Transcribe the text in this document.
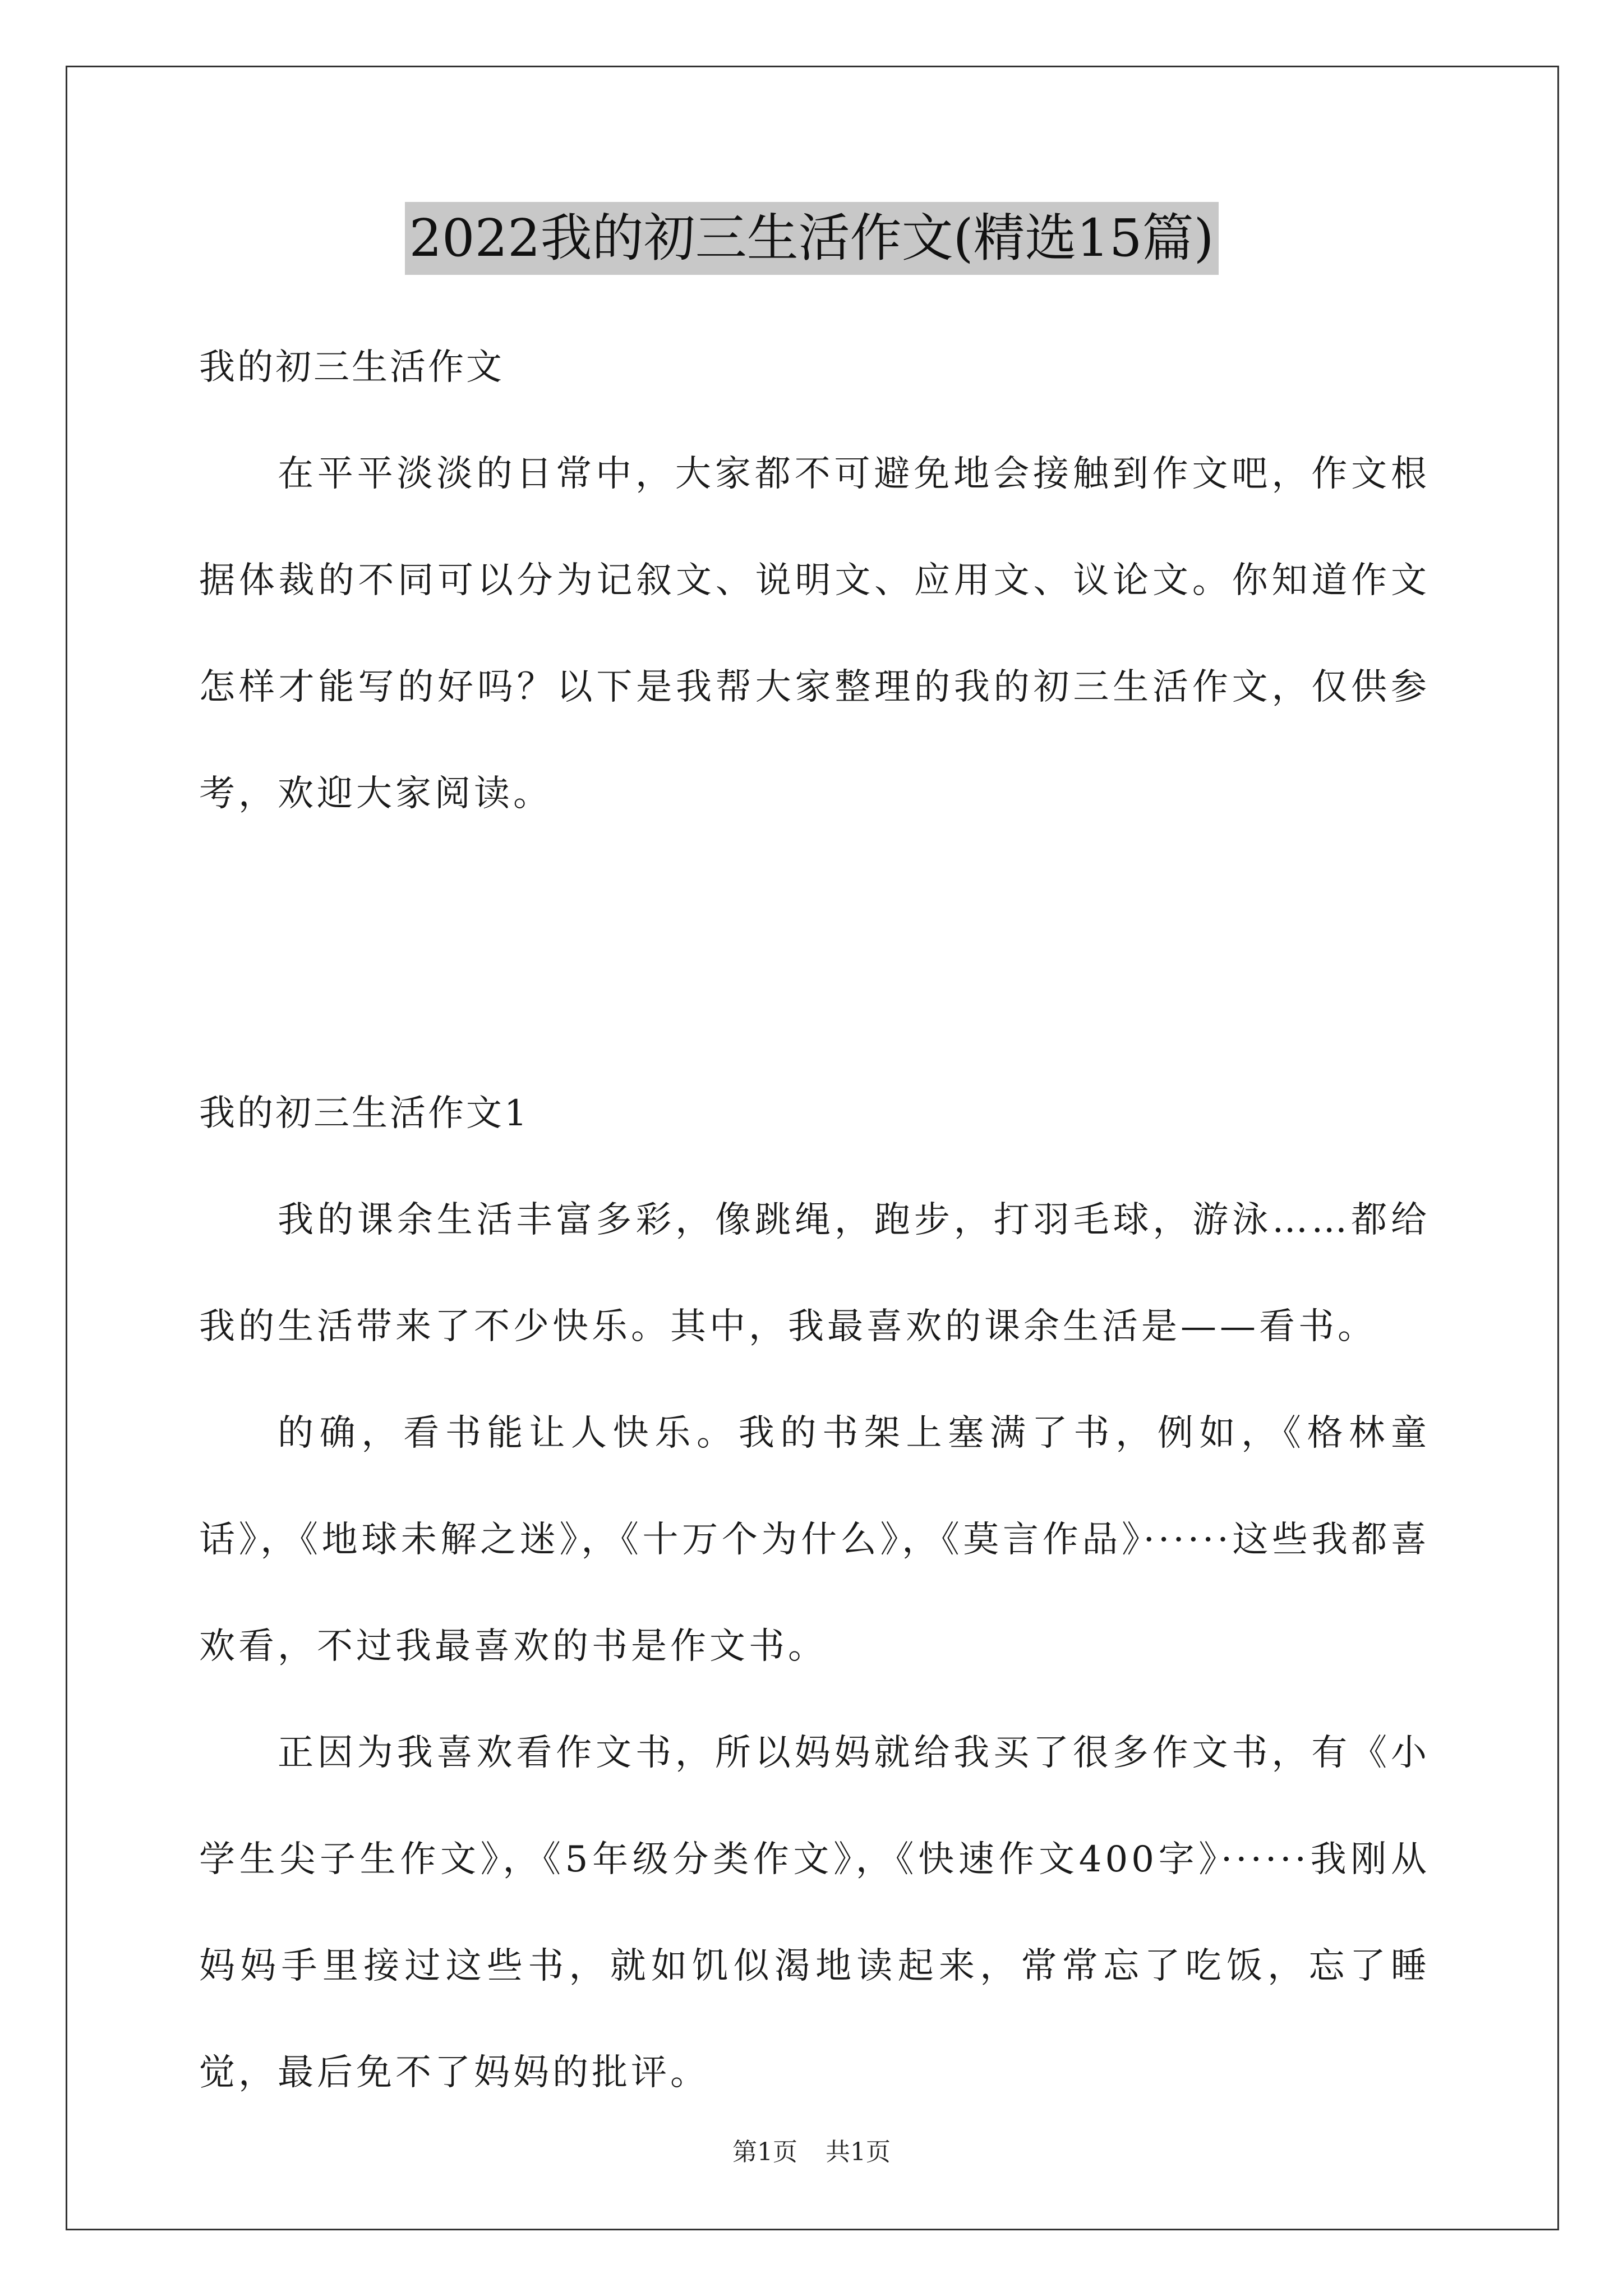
2022我的初三生活作文(精选15篇)

我的初三生活作文

在平平淡淡的日常中，大家都不可避免地会接触到作文吧，作文根据体裁的不同可以分为记叙文、说明文、应用文、议论文。你知道作文怎样才能写的好吗？以下是我帮大家整理的我的初三生活作文，仅供参考，欢迎大家阅读。

我的初三生活作文1

我的课余生活丰富多彩，像跳绳，跑步，打羽毛球，游泳……都给我的生活带来了不少快乐。其中，我最喜欢的课余生活是——看书。

的确，看书能让人快乐。我的书架上塞满了书，例如，《格林童话》，《地球未解之迷》，《十万个为什么》，《莫言作品》······这些我都喜欢看，不过我最喜欢的书是作文书。

正因为我喜欢看作文书，所以妈妈就给我买了很多作文书，有《小学生尖子生作文》，《5年级分类作文》，《快速作文400字》······我刚从妈妈手里接过这些书，就如饥似渴地读起来，常常忘了吃饭，忘了睡觉，最后免不了妈妈的批评。

第1页 共1页
